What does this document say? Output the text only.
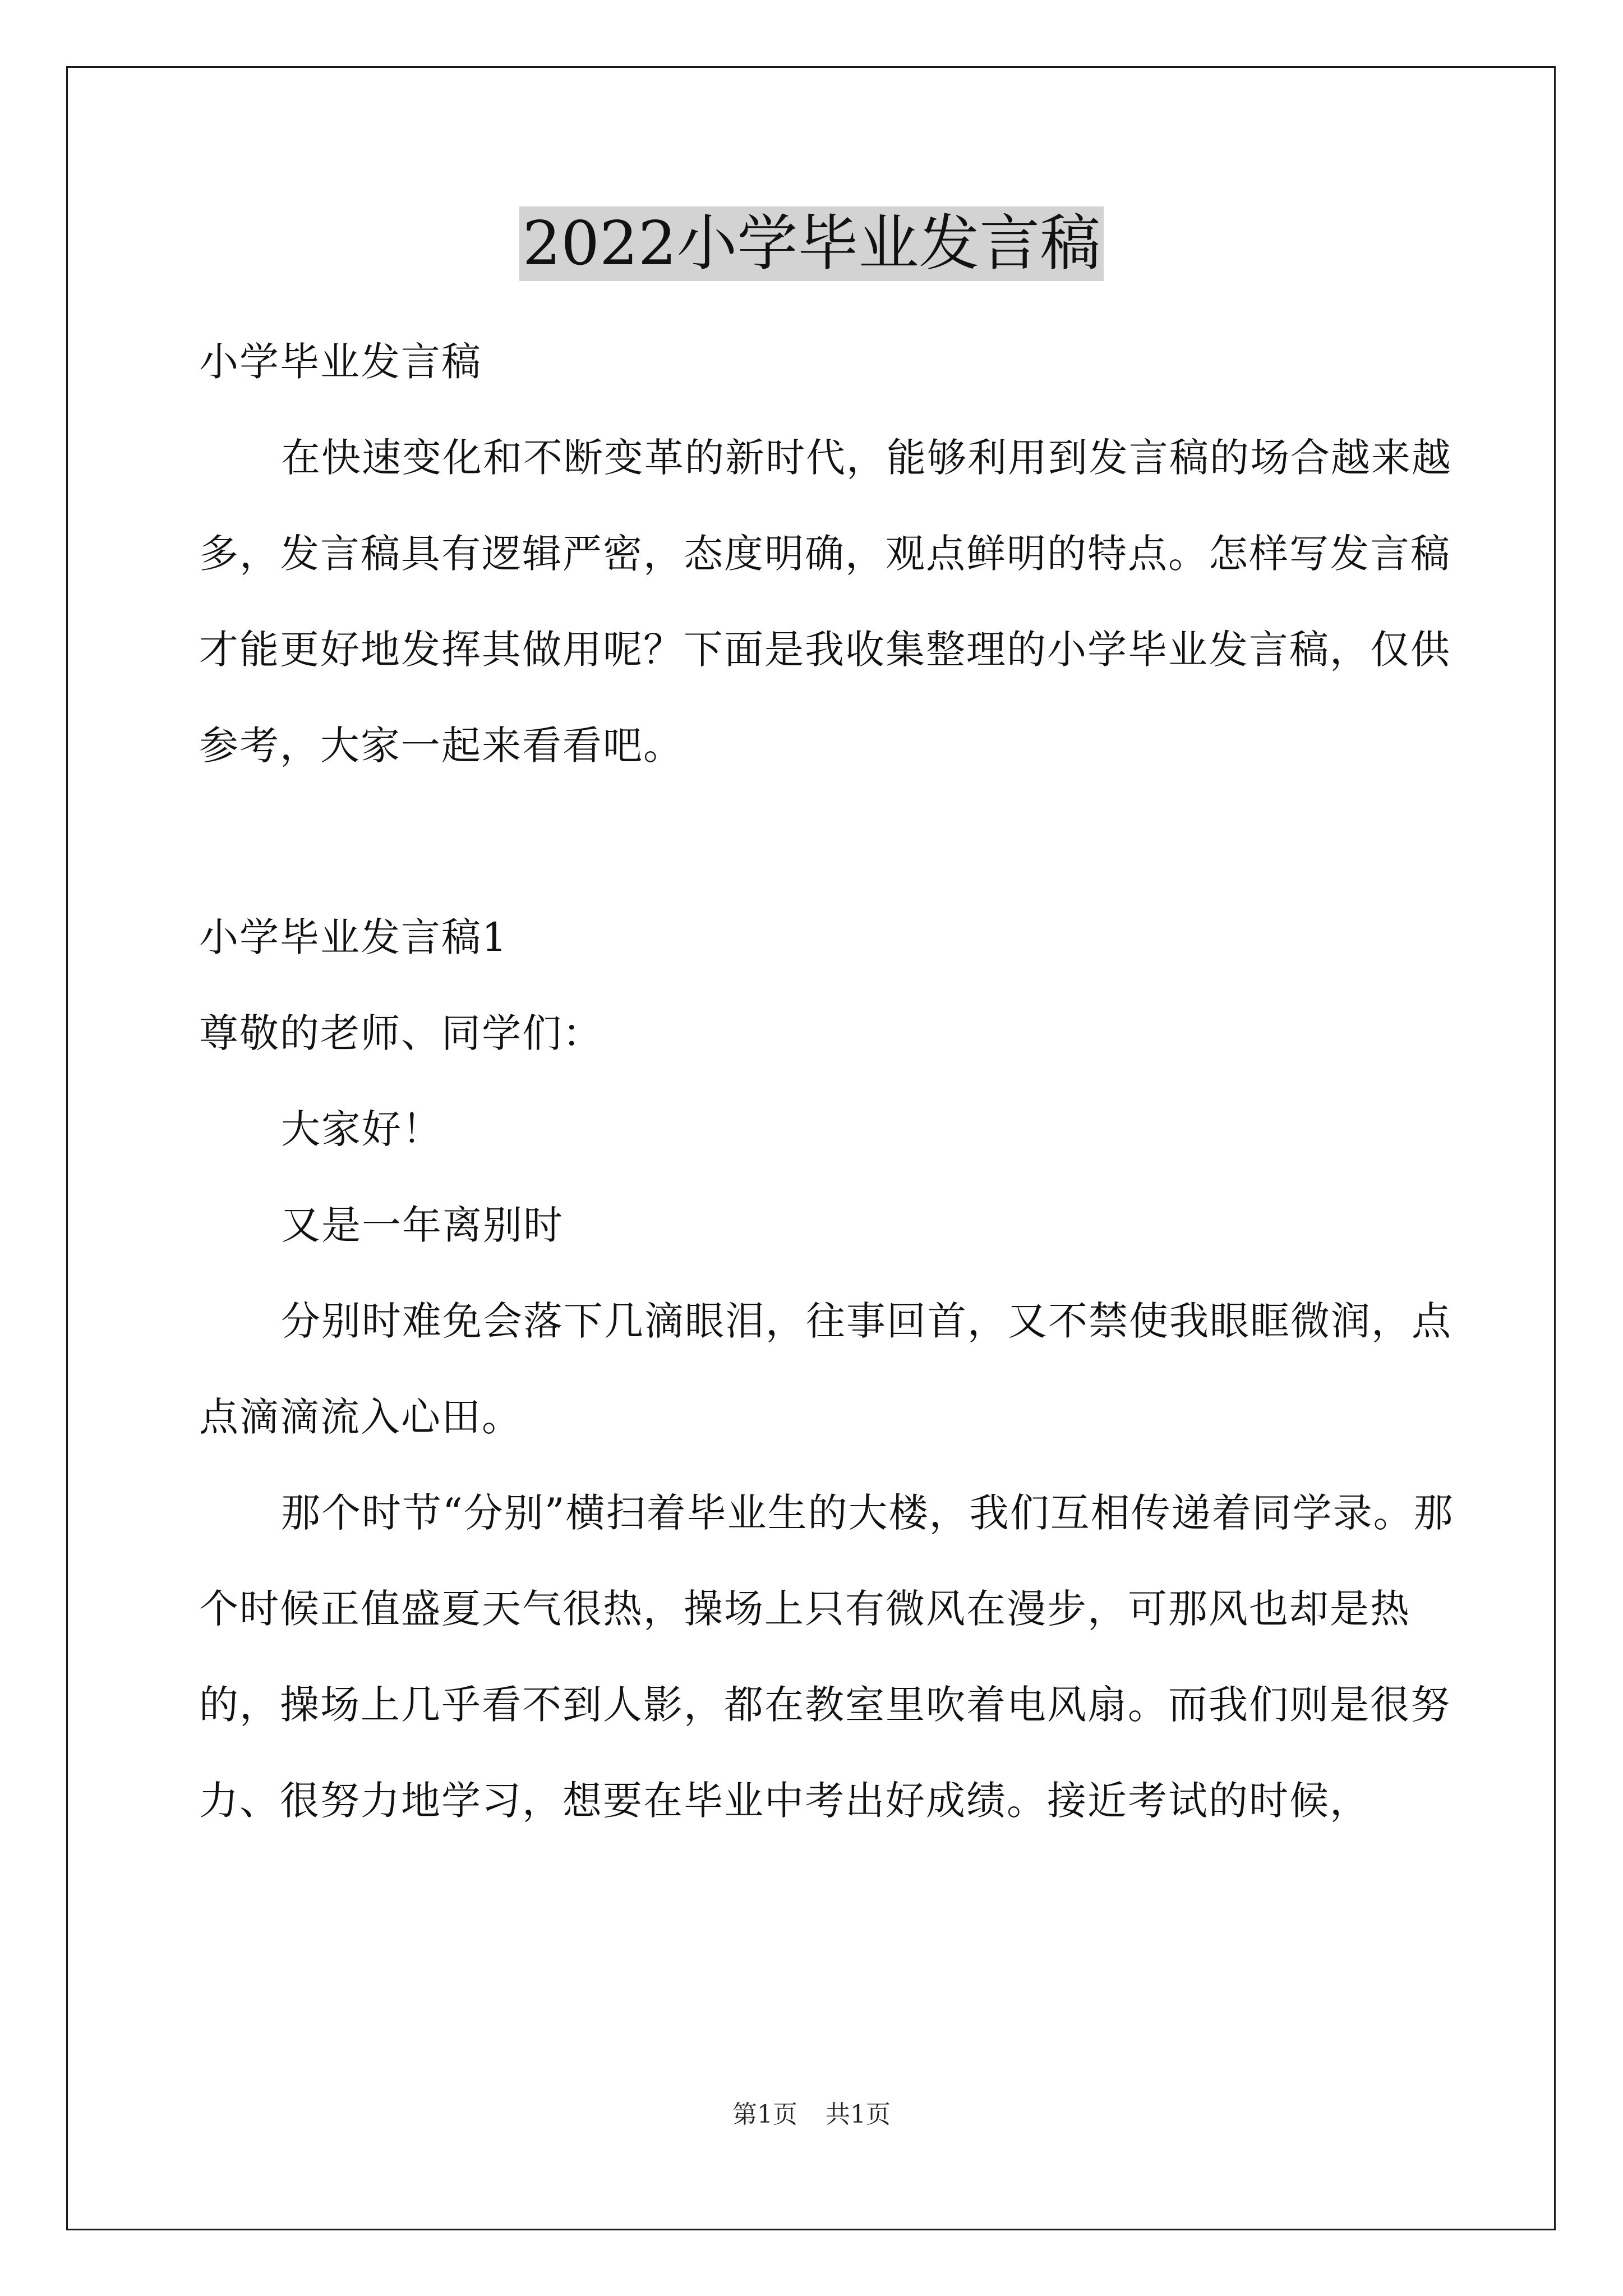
2022小学毕业发言稿

小学毕业发言稿

在快速变化和不断变革的新时代，能够利用到发言稿的场合越来越多，发言稿具有逻辑严密，态度明确，观点鲜明的特点。怎样写发言稿才能更好地发挥其做用呢？下面是我收集整理的小学毕业发言稿，仅供参考，大家一起来看看吧。

小学毕业发言稿1

尊敬的老师、同学们：

大家好！

又是一年离别时

分别时难免会落下几滴眼泪，往事回首，又不禁使我眼眶微润，点点滴滴流入心田。

那个时节“分别”横扫着毕业生的大楼，我们互相传递着同学录。那个时候正值盛夏天气很热，操场上只有微风在漫步，可那风也却是热的，操场上几乎看不到人影，都在教室里吹着电风扇。而我们则是很努力、很努力地学习，想要在毕业中考出好成绩。接近考试的时候，

第1页 共1页
